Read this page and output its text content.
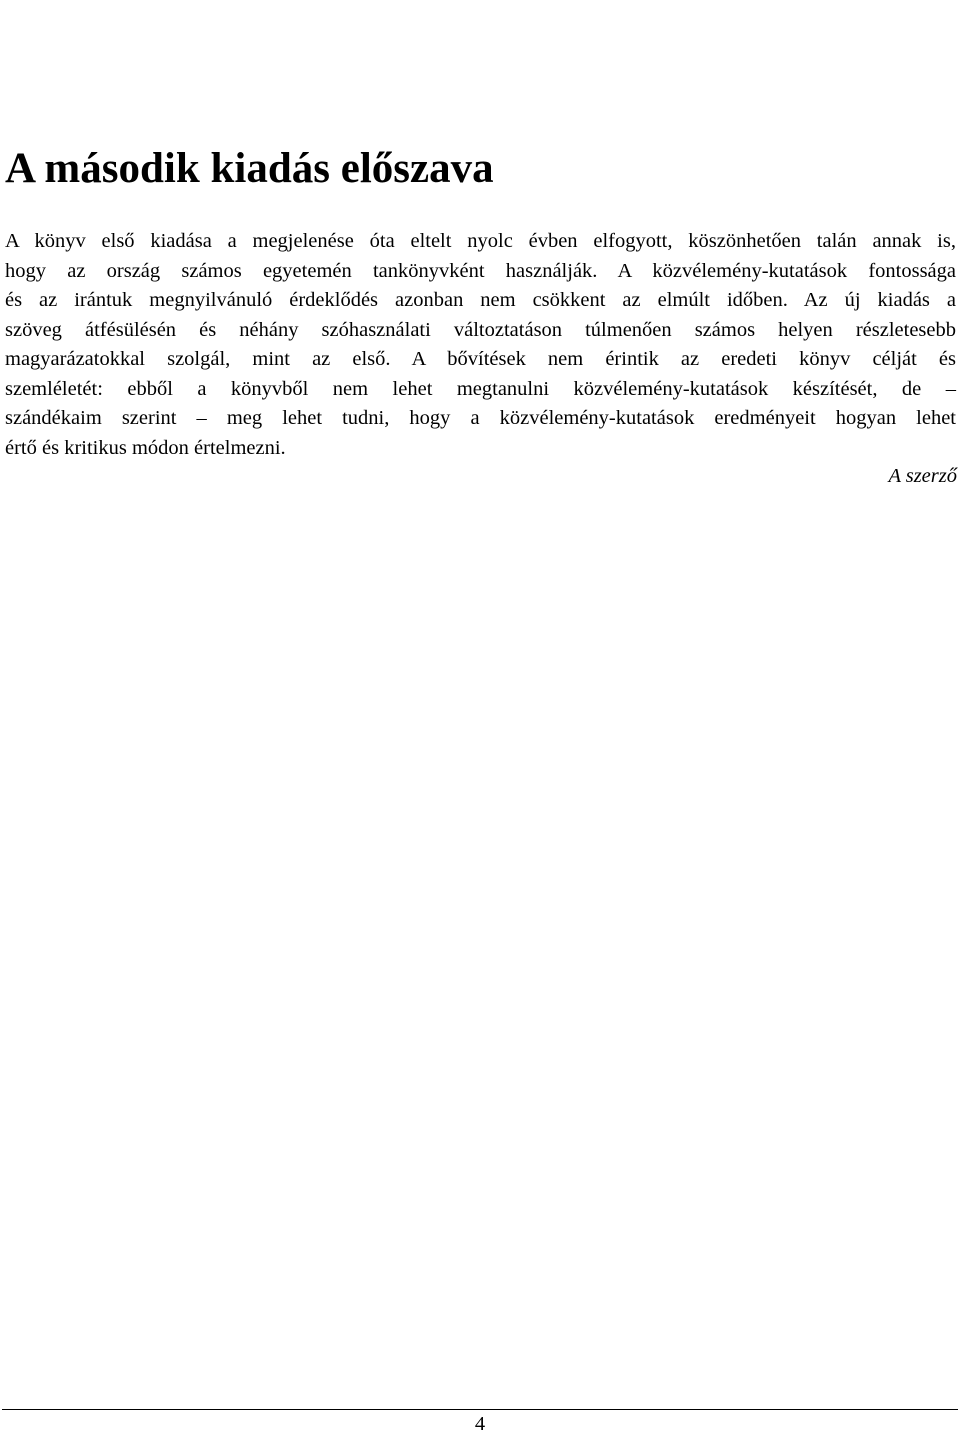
A második kiadás előszava

A könyv első kiadása a megjelenése óta eltelt nyolc évben elfogyott, köszönhetően talán annak is,
hogy az ország számos egyetemén tankönyvként használják. A közvélemény-kutatások fontossága
és az irántuk megnyilvánuló érdeklődés azonban nem csökkent az elmúlt időben. Az új kiadás a
szöveg átfésülésén és néhány szóhasználati változtatáson túlmenően számos helyen részletesebb
magyarázatokkal szolgál, mint az első. A bővítések nem érintik az eredeti könyv célját és
szemléletét: ebből a könyvből nem lehet megtanulni közvélemény-kutatások készítését, de –
szándékaim szerint – meg lehet tudni, hogy a közvélemény-kutatások eredményeit hogyan lehet
értő és kritikus módon értelmezni.

A szerző

4
